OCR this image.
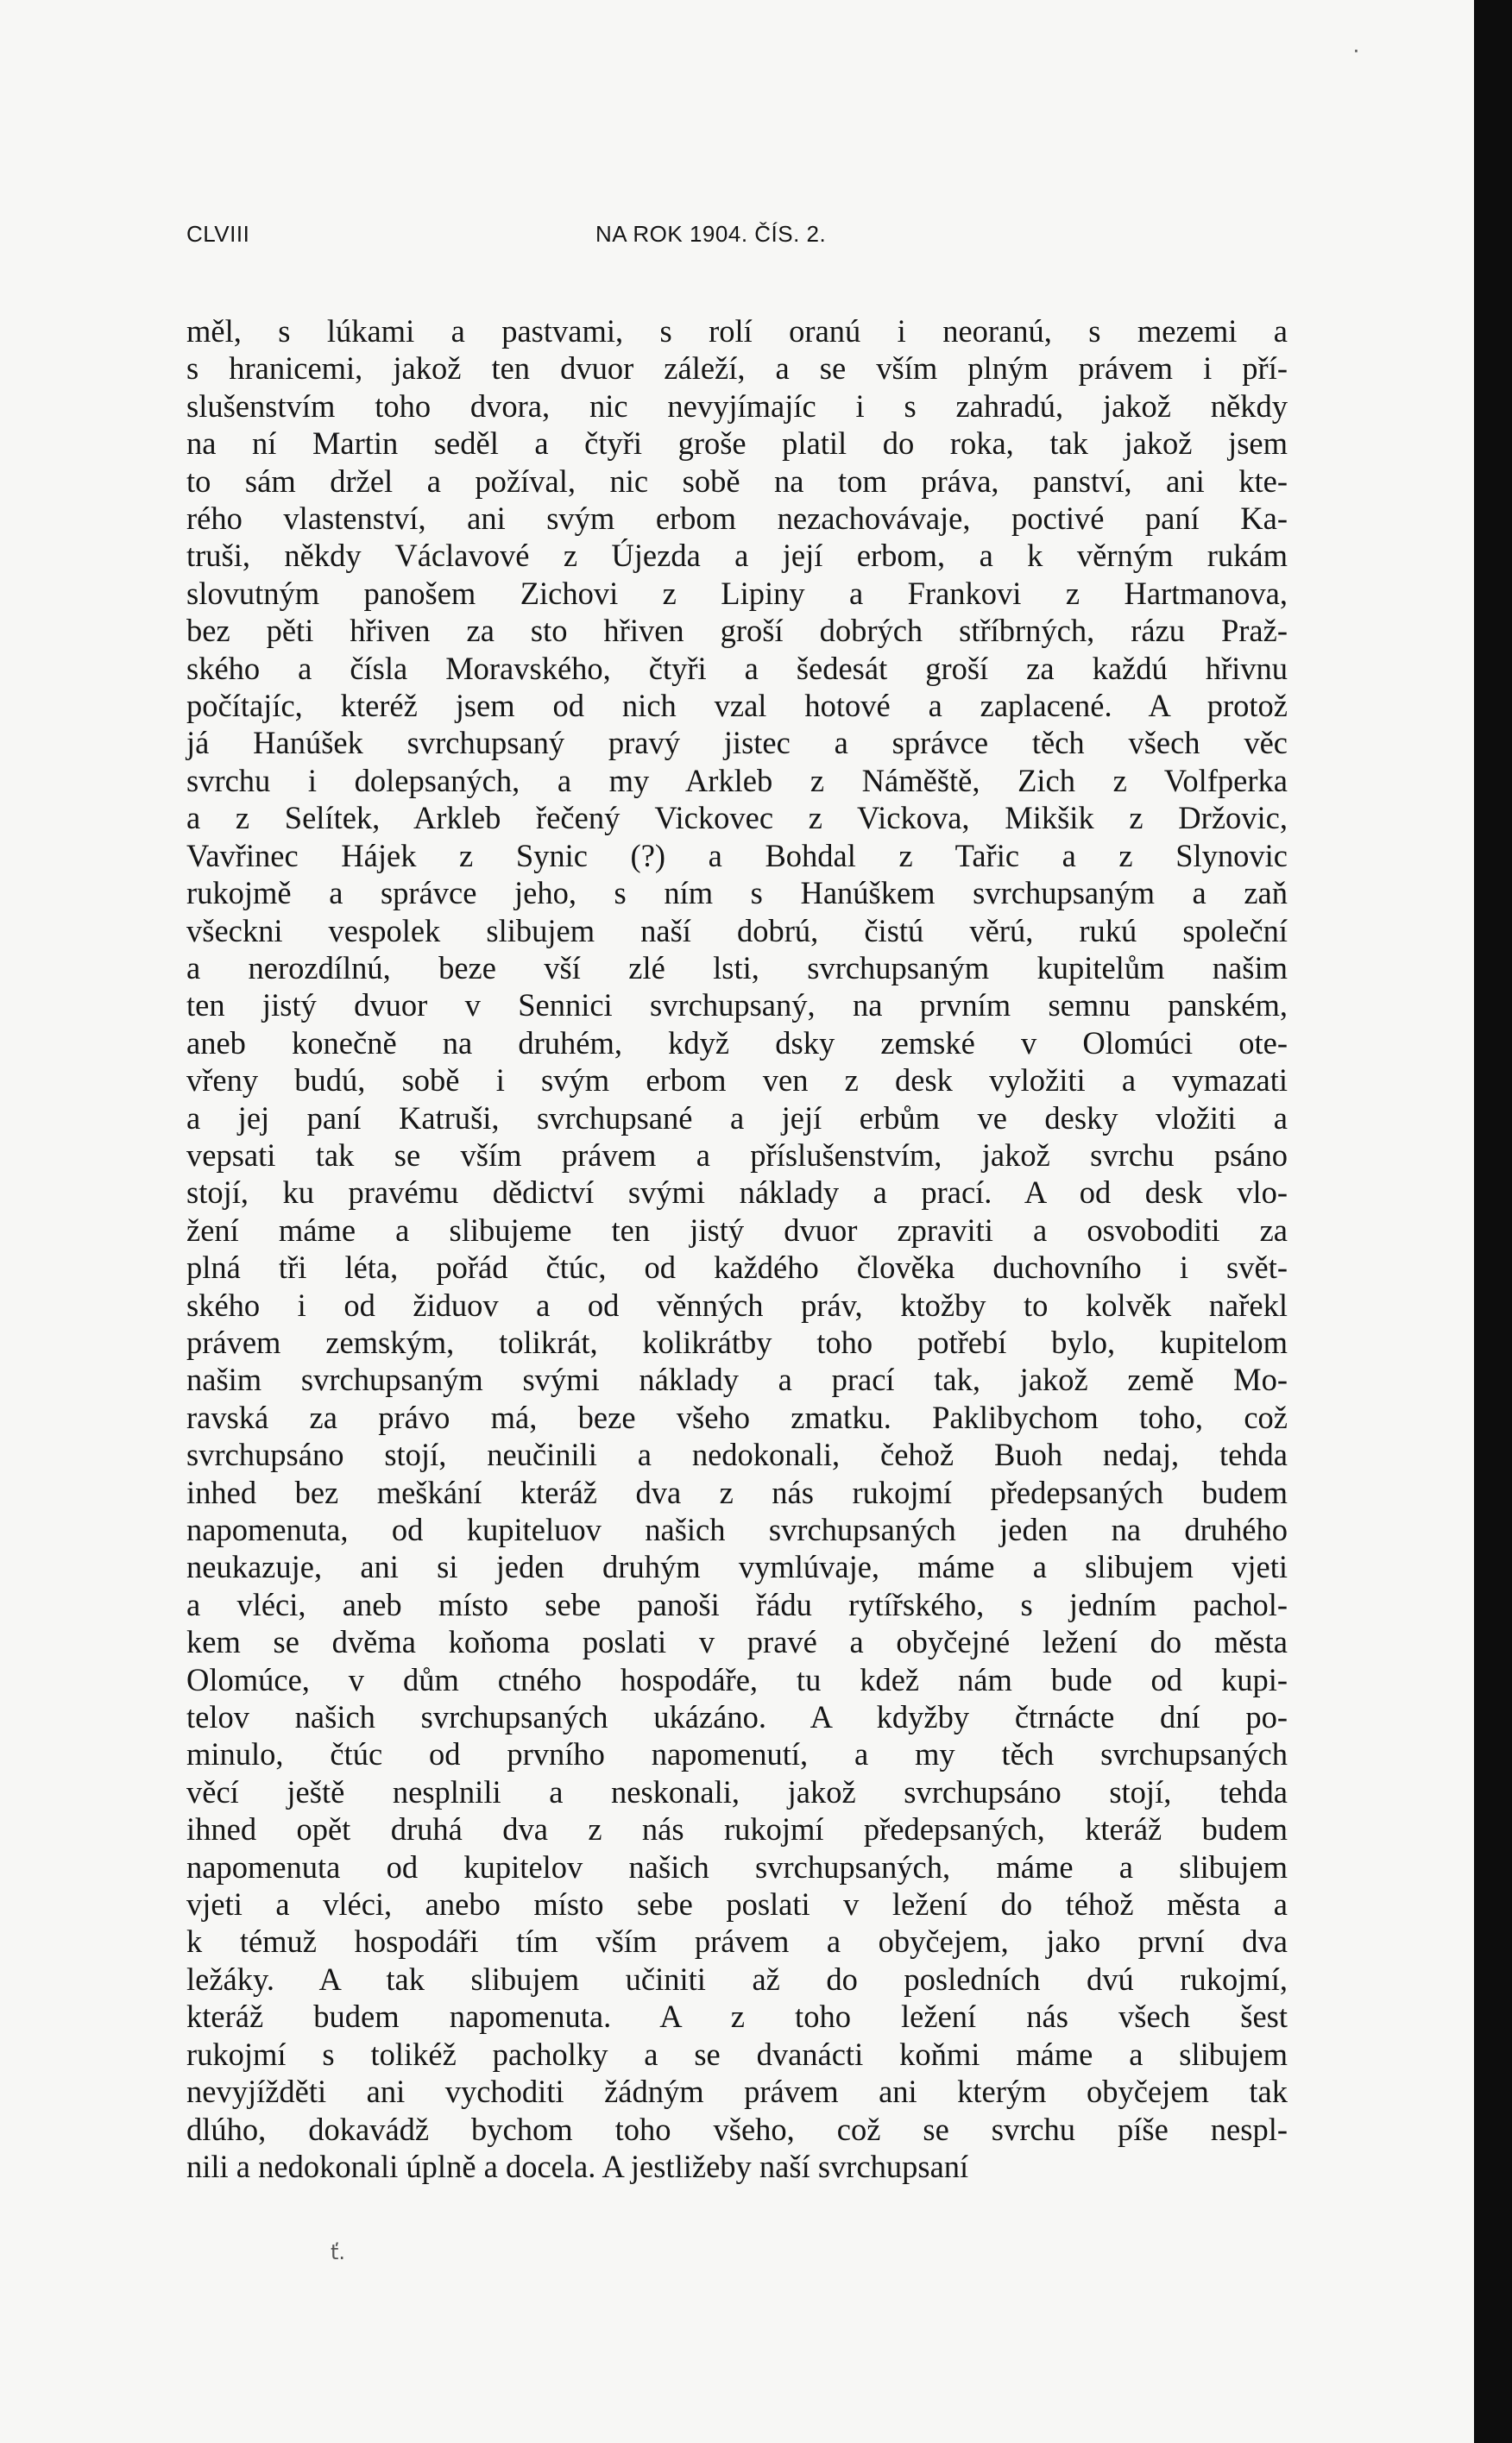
CLVIII	NA ROK 1904. ČÍS. 2.
měl, s lúkami a pastvami, s rolí oranú i neoranú, s mezemi a
s hranicemi, jakož ten dvuor záleží, a se vším plným právem i pří-
slušenstvím toho dvora, nic nevyjímajíc i s zahradú, jakož někdy
na ní Martin seděl a čtyři groše platil do roka, tak jakož jsem
to sám držel a požíval, nic sobě na tom práva, panství, ani kte-
rého vlastenství, ani svým erbom nezachovávaje, poctivé paní Ka-
truši, někdy Václavové z Újezda a její erbom, a k věrným rukám
slovutným panošem Zichovi z Lipiny a Frankovi z Hartmanova,
bez pěti hřiven za sto hřiven groší dobrých stříbrných, rázu Praž-
ského a čísla Moravského, čtyři a šedesát groší za každú hřivnu
počítajíc, kteréž jsem od nich vzal hotové a zaplacené. A protož
já Hanúšek svrchupsaný pravý jistec a správce těch všech věc
svrchu i dolepsaných, a my Arkleb z Náměště, Zich z Volfperka
a z Selítek, Arkleb řečený Vickovec z Vickova, Mikšik z Držovic,
Vavřinec Hájek z Synic (?) a Bohdal z Tařic a z Slynovic
rukojmě a správce jeho, s ním s Hanúškem svrchupsaným a zaň
všeckni vespolek slibujem naší dobrú, čistú věrú, rukú společní
a nerozdílnú, beze vší zlé lsti, svrchupsaným kupitelům našim
ten jistý dvuor v Sennici svrchupsaný, na prvním semnu panském,
aneb konečně na druhém, když dsky zemské v Olomúci ote-
vřeny budú, sobě i svým erbom ven z desk vyložiti a vymazati
a jej paní Katruši, svrchupsané a její erbům ve desky vložiti a
vepsati tak se vším právem a příslušenstvím, jakož svrchu psáno
stojí, ku pravému dědictví svými náklady a prací. A od desk vlo-
žení máme a slibujeme ten jistý dvuor zpraviti a osvoboditi za
plná tři léta, pořád čtúc, od každého člověka duchovního i svět-
ského i od židuov a od věnných práv, ktožby to kolvěk nařekl
právem zemským, tolikrát, kolikrátby toho potřebí bylo, kupitelom
našim svrchupsaným svými náklady a prací tak, jakož země Mo-
ravská za právo má, beze všeho zmatku. Paklibychom toho, což
svrchupsáno stojí, neučinili a nedokonali, čehož Buoh nedaj, tehda
inhed bez meškání kteráž dva z nás rukojmí předepsaných budem
napomenuta, od kupiteluov našich svrchupsaných jeden na druhého
neukazuje, ani si jeden druhým vymlúvaje, máme a slibujem vjeti
a vléci, aneb místo sebe panoši řádu rytířského, s jedním pachol-
kem se dvěma koňoma poslati v pravé a obyčejné ležení do města
Olomúce, v dům ctného hospodáře, tu kdež nám bude od kupi-
telov našich svrchupsaných ukázáno. A kdyžby čtrnácte dní po-
minulo, čtúc od prvního napomenutí, a my těch svrchupsaných
věcí ještě nesplnili a neskonali, jakož svrchupsáno stojí, tehda
ihned opět druhá dva z nás rukojmí předepsaných, kteráž budem
napomenuta od kupitelov našich svrchupsaných, máme a slibujem
vjeti a vléci, anebo místo sebe poslati v ležení do téhož města a
k témuž hospodáři tím vším právem a obyčejem, jako první dva
ležáky. A tak slibujem učiniti až do posledních dvú rukojmí,
kteráž budem napomenuta. A z toho ležení nás všech šest
rukojmí s tolikéž pacholky a se dvanácti koňmi máme a slibujem
nevyjížděti ani vychoditi žádným právem ani kterým obyčejem tak
dlúho, dokavádž bychom toho všeho, což se svrchu píše nespl-
nili a nedokonali úplně a docela. A jestližeby naší svrchupsaní
ť.
٠
